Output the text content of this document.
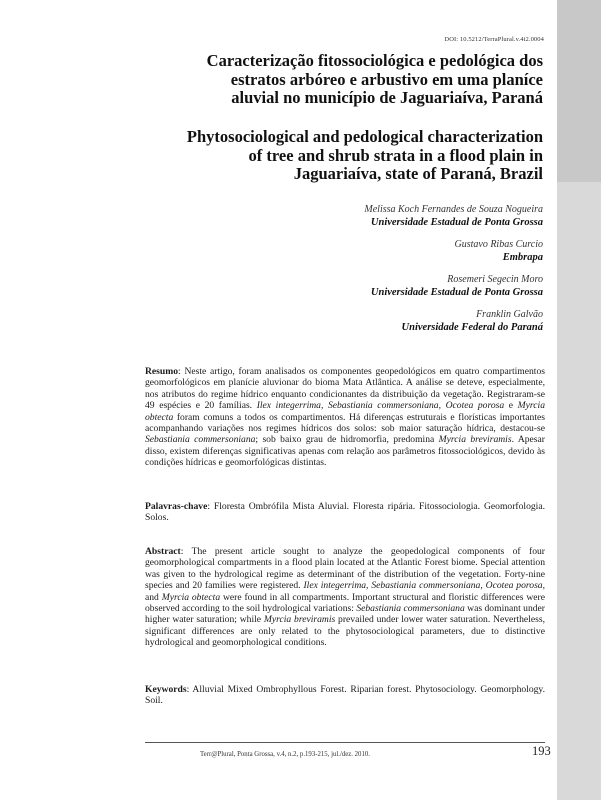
DOI: 10.5212/TerraPlural.v.4i2.0004
Caracterização fitossociológica e pedológica dos
estratos arbóreo e arbustivo em uma planíce
aluvial no município de Jaguariaíva, Paraná
Phytosociological and pedological characterization
of tree and shrub strata in a flood plain in
Jaguariaíva, state of Paraná, Brazil
Melissa Koch Fernandes de Souza Nogueira
Universidade Estadual de Ponta Grossa
Gustavo Ribas Curcio
Embrapa
Rosemeri Segecin Moro
Universidade Estadual de Ponta Grossa
Franklin Galvão
Universidade Federal do Paraná
Resumo: Neste artigo, foram analisados os componentes geopedológicos em quatro compartimentos geomorfológicos em planície aluvionar do bioma Mata Atlântica. A análise se deteve, especialmente, nos atributos do regime hídrico enquanto condicionantes da distribuição da vegetação. Registraram-se 49 espécies e 20 famílias. Ilex integerrima, Sebastiania commersoniana, Ocotea porosa e Myrcia obtecta foram comuns a todos os compartimentos. Há diferenças estruturais e florísticas importantes acompanhando variações nos regimes hídricos dos solos: sob maior saturação hídrica, destacou-se Sebastiania commersoniana; sob baixo grau de hidromorfia, predomina Myrcia breviramis. Apesar disso, existem diferenças significativas apenas com relação aos parâmetros fitossociológicos, devido às condições hídricas e geomorfológicas distintas.
Palavras-chave: Floresta Ombrófila Mista Aluvial. Floresta ripária. Fitossociologia. Geomorfologia. Solos.
Abstract: The present article sought to analyze the geopedological components of four geomorphological compartments in a flood plain located at the Atlantic Forest biome. Special attention was given to the hydrological regime as determinant of the distribution of the vegetation. Forty-nine species and 20 families were registered. Ilex integerrima, Sebastiania commersoniana, Ocotea porosa, and Myrcia obtecta were found in all compartments. Important structural and floristic differences were observed according to the soil hydrological variations: Sebastiania commersoniana was dominant under higher water saturation; while Myrcia breviramis prevailed under lower water saturation. Nevertheless, significant differences are only related to the phytosociological parameters, due to distinctive hydrological and geomorphological conditions.
Keywords: Alluvial Mixed Ombrophyllous Forest. Riparian forest. Phytosociology. Geomorphology. Soil.
Terr@Plural, Ponta Grossa, v.4, n.2, p.193-215, jul./dez. 2010.	193
